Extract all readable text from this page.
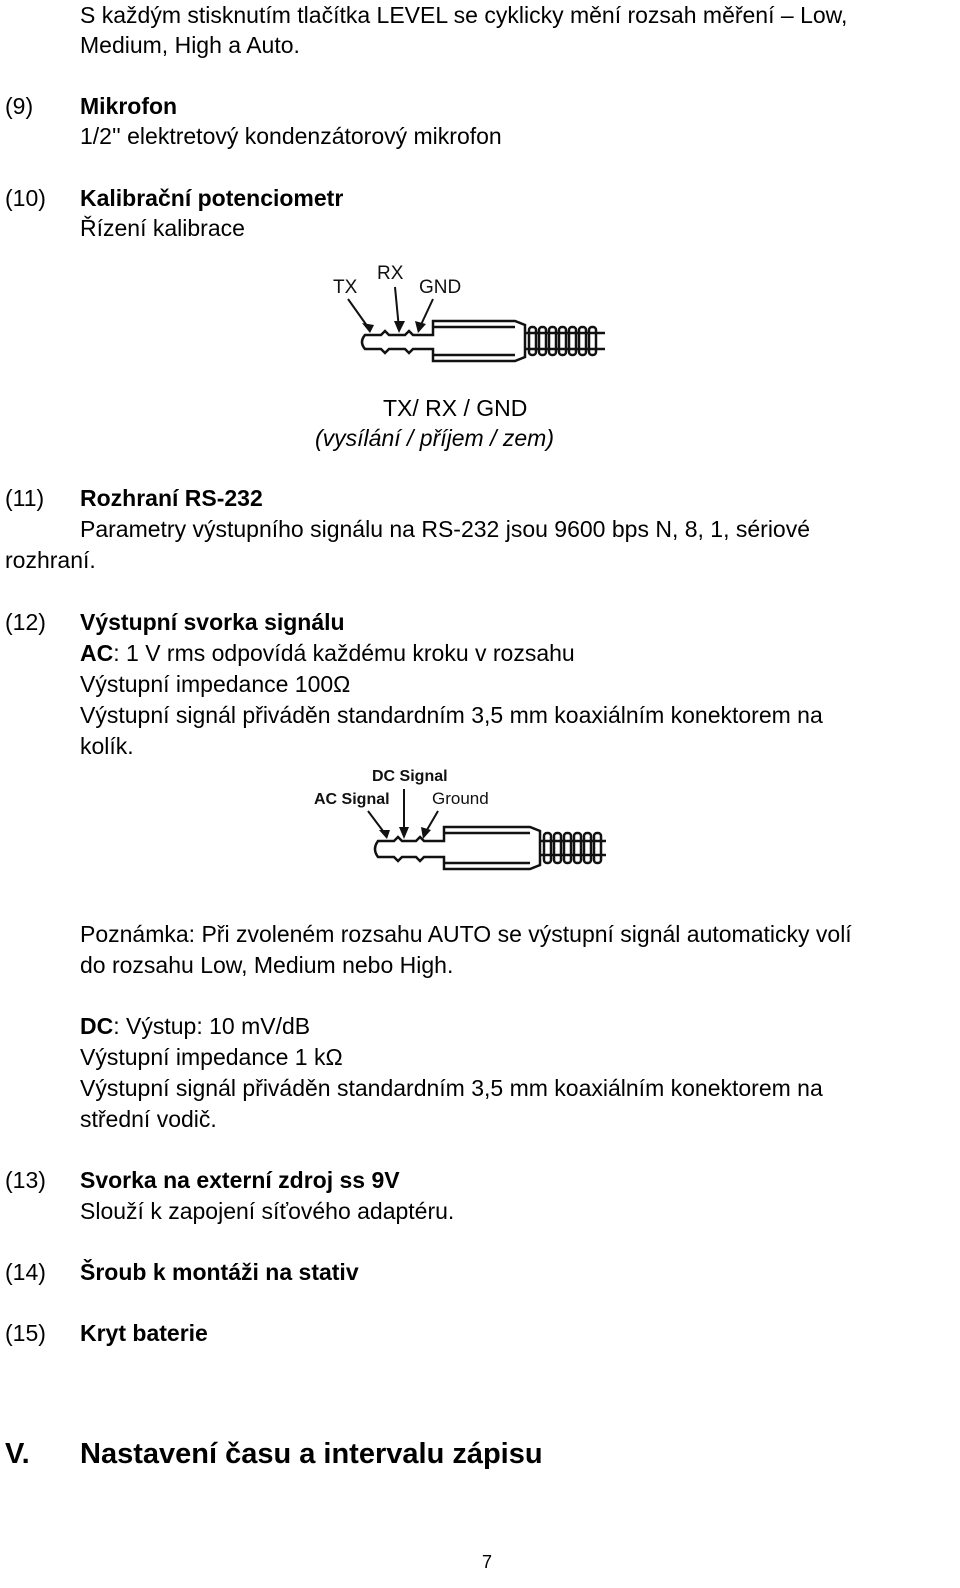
S každým stisknutím tlačítka LEVEL se cyklicky mění rozsah měření – Low,
Medium, High a Auto.
(9) Mikrofon
1/2'' elektretový kondenzátorový mikrofon
(10) Kalibrační potenciometr
Řízení kalibrace
TX
RX
GND
TX/ RX / GND
(vysílání / příjem / zem)
(11) Rozhraní RS-232
Parametry výstupního signálu na RS-232 jsou 9600 bps N, 8, 1, sériové
rozhraní.
(12) Výstupní svorka signálu
AC: 1 V rms odpovídá každému kroku v rozsahu
Výstupní impedance 100Ω
Výstupní signál přiváděn standardním 3,5 mm koaxiálním konektorem na
kolík.
DC Signal
AC Signal Ground
Poznámka: Při zvoleném rozsahu AUTO se výstupní signál automaticky volí
do rozsahu Low, Medium nebo High.
DC: Výstup: 10 mV/dB
Výstupní impedance 1 kΩ
Výstupní signál přiváděn standardním 3,5 mm koaxiálním konektorem na
střední vodič.
(13) Svorka na externí zdroj ss 9V
Slouží k zapojení síťového adaptéru.
(14) Šroub k montáži na stativ
(15) Kryt baterie
V. Nastavení času a intervalu zápisu
7
